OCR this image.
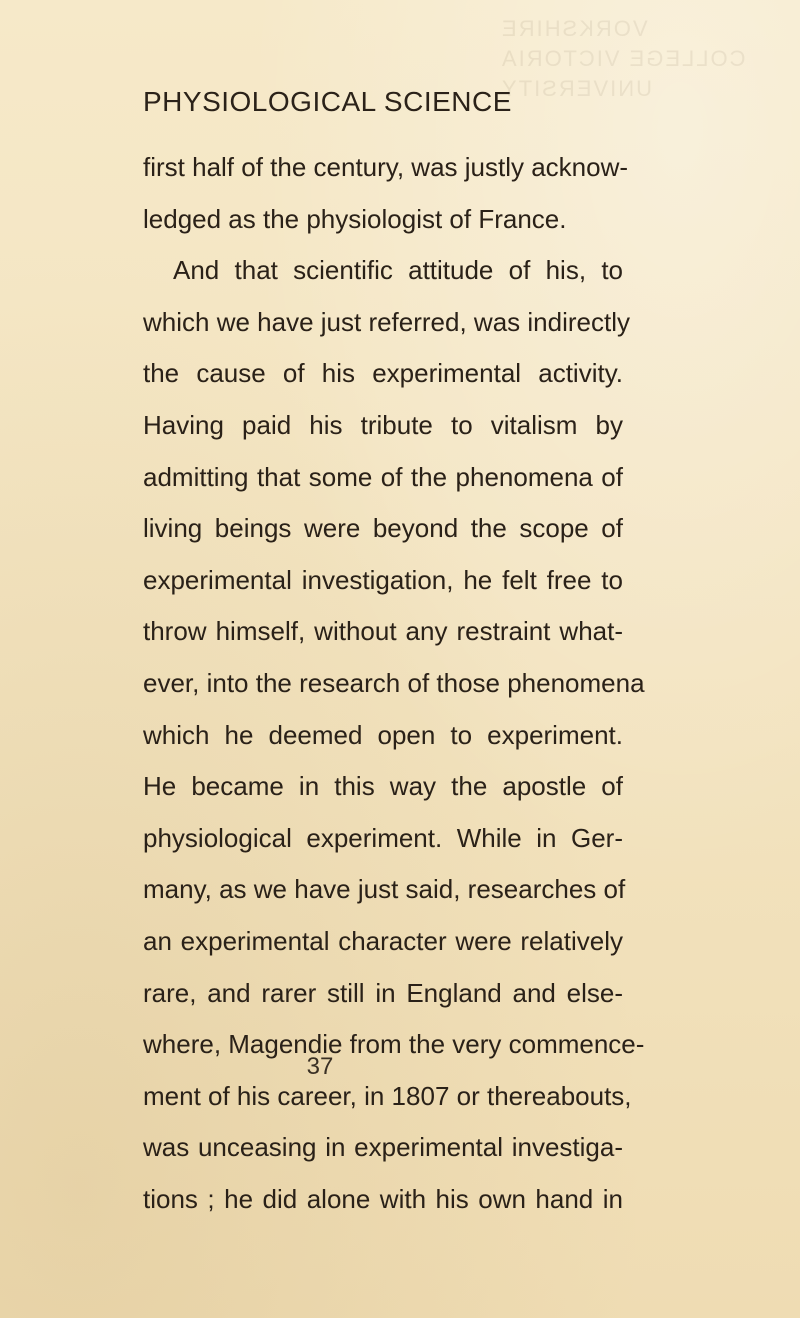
VORKSHIRE COLLEGE VICTORIA UNIVERSITY
PHYSIOLOGICAL SCIENCE
first half of the century, was justly acknow-
ledged as the physiologist of France.
And that scientific attitude of his, to
which we have just referred, was indirectly
the cause of his experimental activity.
Having paid his tribute to vitalism by
admitting that some of the phenomena of
living beings were beyond the scope of
experimental investigation, he felt free to
throw himself, without any restraint what-
ever, into the research of those phenomena
which he deemed open to experiment.
He became in this way the apostle of
physiological experiment. While in Ger-
many, as we have just said, researches of
an experimental character were relatively
rare, and rarer still in England and else-
where, Magendie from the very commence-
ment of his career, in 1807 or thereabouts,
was unceasing in experimental investiga-
tions ; he did alone with his own hand in
37
